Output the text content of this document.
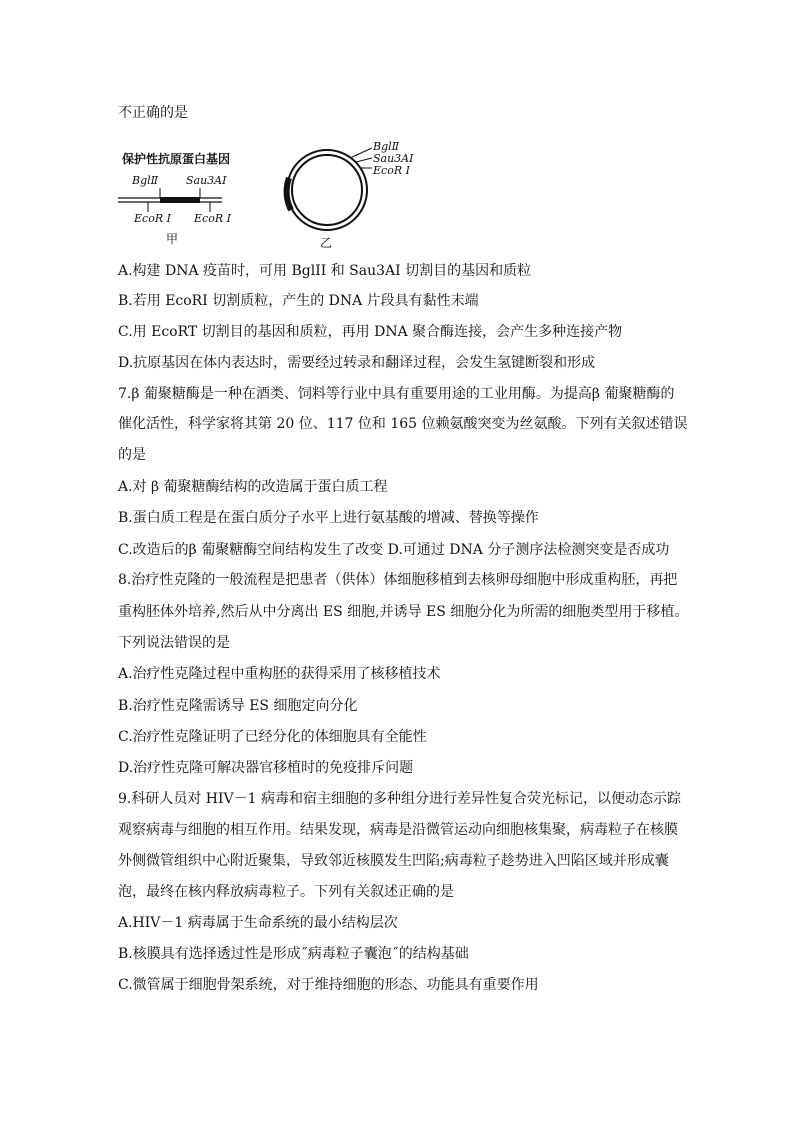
不正确的是
保护性抗原蛋白基因
BglⅡ	Sau3AⅠ
EcoR Ⅰ EcoR Ⅰ
甲
BglⅡ
Sau3AⅠ
EcoR Ⅰ
乙
A.构建 DNA 疫苗时，可用 BglII 和 Sau3AI 切割目的基因和质粒
B.若用 EcoRI 切割质粒，产生的 DNA 片段具有黏性末端
C.用 EcoRT 切割目的基因和质粒，再用 DNA 聚合酶连接，会产生多种连接产物
D.抗原基因在体内表达时，需要经过转录和翻译过程，会发生氢键断裂和形成
7.β 葡聚糖酶是一种在酒类、饲料等行业中具有重要用途的工业用酶。为提高β 葡聚糖酶的
催化活性，科学家将其第 20 位、117 位和 165 位赖氨酸突变为丝氨酸。下列有关叙述错误
的是
A.对 β 葡聚糖酶结构的改造属于蛋白质工程
B.蛋白质工程是在蛋白质分子水平上进行氨基酸的增减、替换等操作
C.改造后的β 葡聚糖酶空间结构发生了改变 D.可通过 DNA 分子测序法检测突变是否成功
8.治疗性克隆的一般流程是把患者（供体）体细胞移植到去核卵母细胞中形成重构胚，再把
重构胚体外培养,然后从中分离出 ES 细胞,并诱导 ES 细胞分化为所需的细胞类型用于移植。
下列说法错误的是
A.治疗性克隆过程中重构胚的获得采用了核移植技术
B.治疗性克隆需诱导 ES 细胞定向分化
C.治疗性克隆证明了已经分化的体细胞具有全能性
D.治疗性克隆可解决器官移植时的免疫排斥问题
9.科研人员对 HIV－1 病毒和宿主细胞的多种组分进行差异性复合荧光标记，以便动态示踪
观察病毒与细胞的相互作用。结果发现，病毒是沿微管运动向细胞核集聚，病毒粒子在核膜
外侧微管组织中心附近聚集，导致邻近核膜发生凹陷;病毒粒子趁势进入凹陷区域并形成囊
泡，最终在核内释放病毒粒子。下列有关叙述正确的是
A.HIV－1 病毒属于生命系统的最小结构层次
B.核膜具有选择透过性是形成˝病毒粒子囊泡˝的结构基础
C.微管属于细胞骨架系统，对于维持细胞的形态、功能具有重要作用
